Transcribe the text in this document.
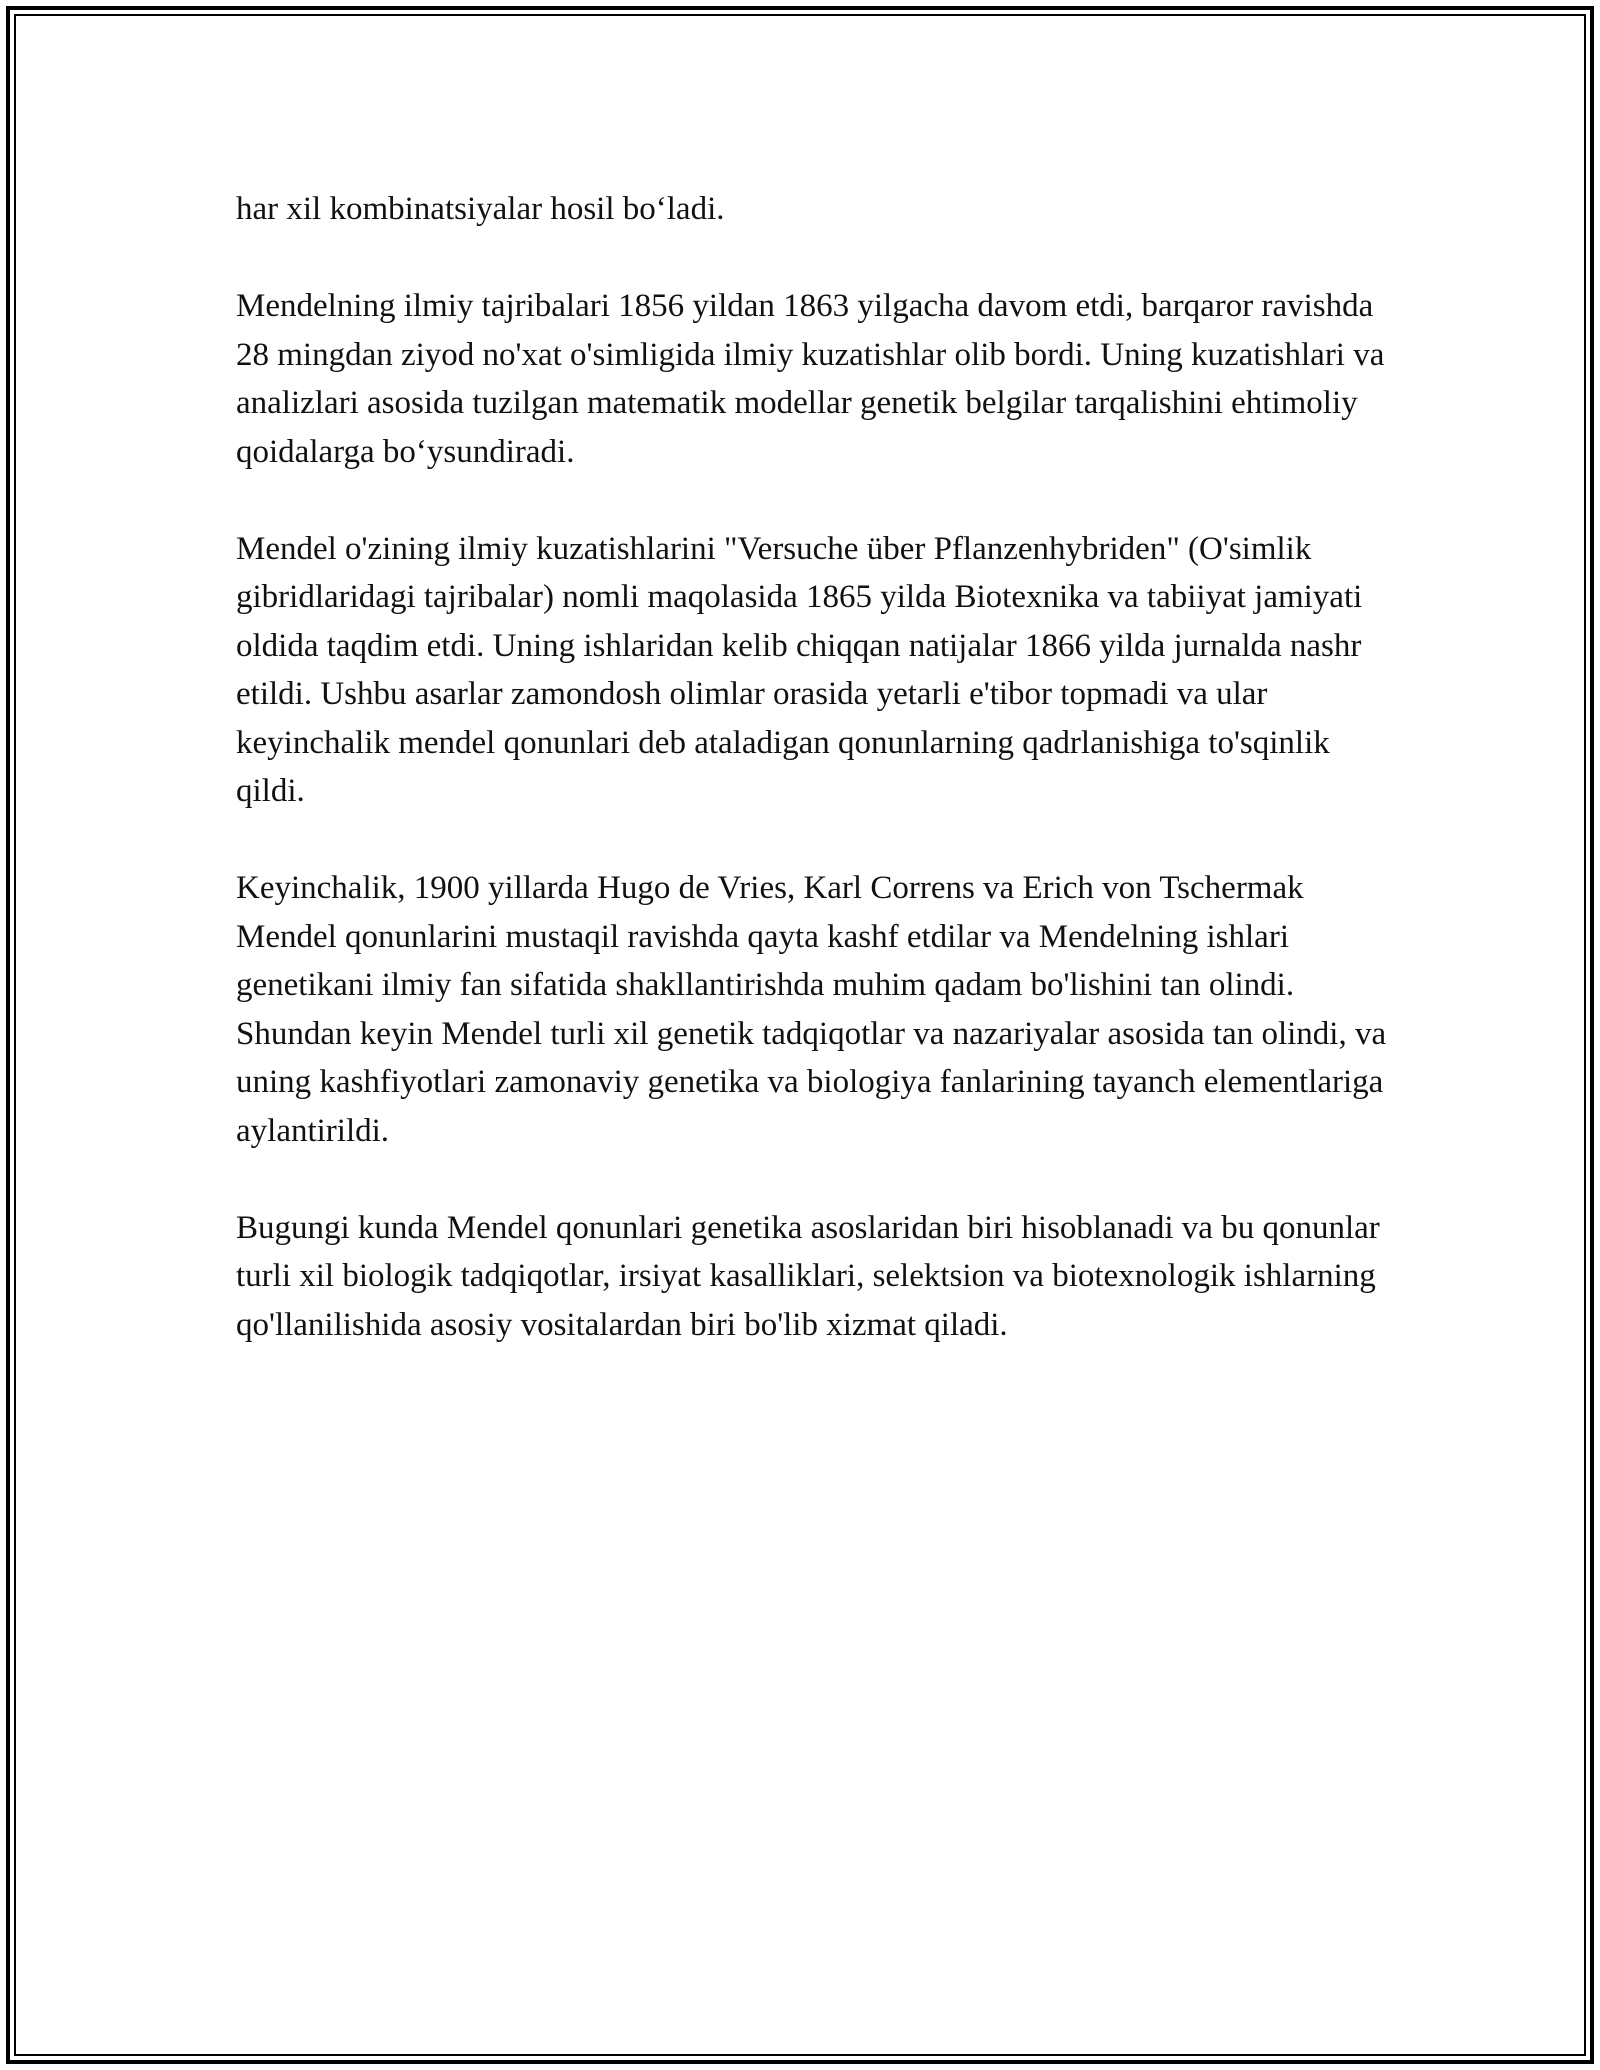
har xil kombinatsiyalar hosil bo‘ladi.

Mendelning ilmiy tajribalari 1856 yildan 1863 yilgacha davom etdi, barqaror ravishda 28 mingdan ziyod no'xat o'simligida ilmiy kuzatishlar olib bordi. Uning kuzatishlari va analizlari asosida tuzilgan matematik modellar genetik belgilar tarqalishini ehtimoliy qoidalarga bo‘ysundiradi.

Mendel o'zining ilmiy kuzatishlarini "Versuche über Pflanzenhybriden" (O'simlik gibridlaridagi tajribalar) nomli maqolasida 1865 yilda Biotexnika va tabiiyat jamiyati oldida taqdim etdi. Uning ishlaridan kelib chiqqan natijalar 1866 yilda jurnalda nashr etildi. Ushbu asarlar zamondosh olimlar orasida yetarli e'tibor topmadi va ular keyinchalik mendel qonunlari deb ataladigan qonunlarning qadrlanishiga to'sqinlik qildi.

Keyinchalik, 1900 yillarda Hugo de Vries, Karl Correns va Erich von Tschermak Mendel qonunlarini mustaqil ravishda qayta kashf etdilar va Mendelning ishlari genetikani ilmiy fan sifatida shakllantirishda muhim qadam bo'lishini tan olindi. Shundan keyin Mendel turli xil genetik tadqiqotlar va nazariyalar asosida tan olindi, va uning kashfiyotlari zamonaviy genetika va biologiya fanlarining tayanch elementlariga aylantirildi.

Bugungi kunda Mendel qonunlari genetika asoslaridan biri hisoblanadi va bu qonunlar turli xil biologik tadqiqotlar, irsiyat kasalliklari, selektsion va biotexnologik ishlarning qo'llanilishida asosiy vositalardan biri bo'lib xizmat qiladi.
